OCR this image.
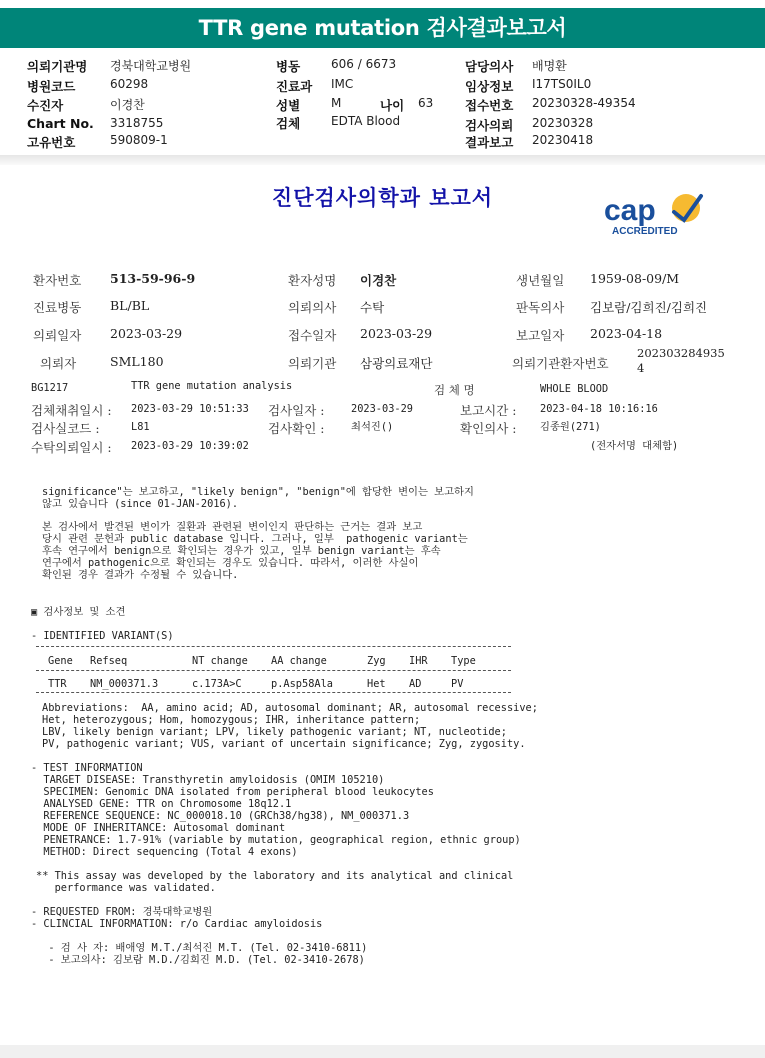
TTR gene mutation 검사결과보고서
의뢰기관명 경북대학교병원
병원코드	60298
수진자	이경찬
Chart No. 3318755
고유번호	590809-1
병동	606 / 6673
진료과 IMC
성별	M	나이 63
검체	EDTA Blood
담당의사 배명환
임상정보 I17TS0IL0
접수번호 20230328-49354
검사의뢰 20230328
결과보고 20230418
진단검사의학과 보고서	cap
ACCREDITED
환자번호 513-59-96-9	환자성명 이경찬	생년월일 1959-08-09/M
진료병동 BL/BL	의뢰의사 수탁	판독의사 김보람/김희진/김희진
의뢰일자 2023-03-29	접수일자 2023-03-29	보고일자 2023-04-18
의뢰자	SML180	의뢰기관 삼광의료재단	의뢰기관환자번호
202303284935
4
BG1217	TTR gene mutation analysis	검 체 명	WHOLE BLOOD
검체채취일시 : 2023-03-29 10:51:33 검사일자 :	2023-03-29	보고시간 : 2023-04-18 10:16:16
검사실코드 :	L81	검사확인 :	최석진()	확인의사 : 김종원(271)
수탁의뢰일시 : 2023-03-29 10:39:02	(전자서명 대체함)
significance"는 보고하고, "likely benign", "benign"에 합당한 변이는 보고하지
않고 있습니다 (since 01-JAN-2016).
본 검사에서 발견된 변이가 질환과 관련된 변이인지 판단하는 근거는 결과 보고
당시 관련 문헌과 public database 입니다. 그러나, 일부  pathogenic variant는
후속 연구에서 benign으로 확인되는 경우가 있고, 일부 benign variant는 후속
연구에서 pathogenic으로 확인되는 경우도 있습니다. 따라서, 이러한 사실이
확인된 경우 결과가 수정될 수 있습니다.
▣ 검사정보 및 소견
- IDENTIFIED VARIANT(S)
Gene Refseq	NT change AA change	Zyg IHR Type
TTR NM_000371.3	c.173A>C	p.Asp58Ala	Het AD	PV
Abbreviations:  AA, amino acid; AD, autosomal dominant; AR, autosomal recessive;
Het, heterozygous; Hom, homozygous; IHR, inheritance pattern;
LBV, likely benign variant; LPV, likely pathogenic variant; NT, nucleotide;
PV, pathogenic variant; VUS, variant of uncertain significance; Zyg, zygosity.
- TEST INFORMATION
TARGET DISEASE: Transthyretin amyloidosis (OMIM 105210)
SPECIMEN: Genomic DNA isolated from peripheral blood leukocytes
ANALYSED GENE: TTR on Chromosome 18q12.1
REFERENCE SEQUENCE: NC_000018.10 (GRCh38/hg38), NM_000371.3
MODE OF INHERITANCE: Autosomal dominant
PENETRANCE: 1.7-91% (variable by mutation, geographical region, ethnic group)
METHOD: Direct sequencing (Total 4 exons)
** This assay was developed by the laboratory and its analytical and clinical
performance was validated.
- REQUESTED FROM: 경북대학교병원
- CLINCIAL INFORMATION: r/o Cardiac amyloidosis
- 검 사 자: 배애영 M.T./최석진 M.T. (Tel. 02-3410-6811)
- 보고의사: 김보람 M.D./김희진 M.D. (Tel. 02-3410-2678)
